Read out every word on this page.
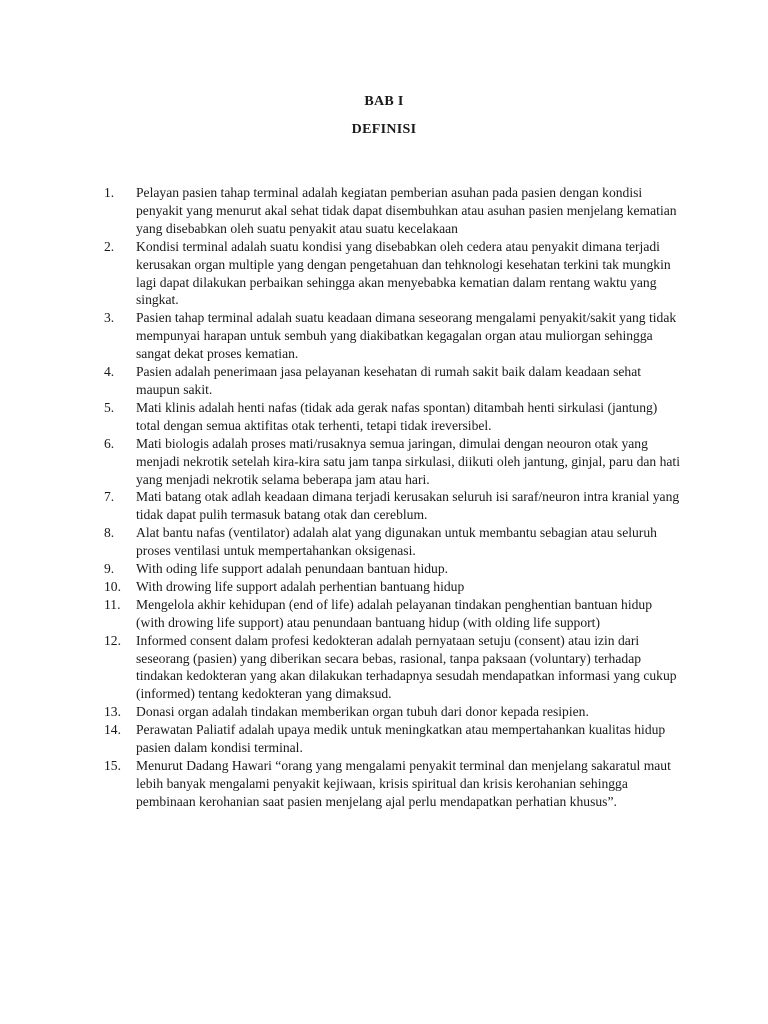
BAB I
DEFINISI
1.	Pelayan pasien tahap terminal adalah kegiatan pemberian asuhan pada pasien dengan kondisi penyakit yang menurut akal sehat tidak dapat disembuhkan atau asuhan pasien menjelang kematian yang disebabkan oleh suatu penyakit atau suatu kecelakaan
2.	Kondisi terminal adalah suatu kondisi yang disebabkan oleh cedera atau penyakit dimana terjadi kerusakan organ multiple yang dengan pengetahuan dan tehknologi kesehatan terkini tak mungkin lagi dapat dilakukan perbaikan sehingga akan menyebabka kematian dalam rentang waktu yang singkat.
3.	Pasien tahap terminal adalah suatu keadaan dimana seseorang mengalami penyakit/sakit yang tidak mempunyai harapan untuk sembuh yang diakibatkan kegagalan organ atau muliorgan sehingga sangat dekat proses kematian.
4.	Pasien adalah penerimaan jasa pelayanan kesehatan di rumah sakit baik dalam keadaan sehat maupun sakit.
5.	Mati klinis adalah henti nafas (tidak ada gerak nafas spontan) ditambah henti sirkulasi (jantung) total dengan semua aktifitas otak terhenti, tetapi tidak ireversibel.
6.	Mati biologis adalah proses mati/rusaknya semua jaringan, dimulai dengan neouron otak yang menjadi nekrotik setelah kira-kira satu jam tanpa sirkulasi, diikuti oleh jantung, ginjal, paru dan hati yang menjadi nekrotik selama beberapa jam atau hari.
7.	Mati batang otak adlah keadaan dimana terjadi kerusakan seluruh isi saraf/neuron intra kranial yang tidak dapat pulih termasuk batang otak dan cereblum.
8.	Alat bantu nafas (ventilator) adalah alat yang digunakan untuk membantu sebagian atau seluruh proses ventilasi untuk mempertahankan oksigenasi.
9.	With oding life support adalah penundaan bantuan hidup.
10.	With drowing life support adalah perhentian bantuang hidup
11.	Mengelola akhir kehidupan (end of life) adalah pelayanan tindakan penghentian bantuan hidup (with drowing life support) atau penundaan bantuang hidup (with olding life support)
12.	Informed consent dalam profesi kedokteran adalah pernyataan setuju (consent) atau izin dari seseorang (pasien) yang diberikan secara bebas, rasional, tanpa paksaan (voluntary) terhadap tindakan kedokteran yang akan dilakukan terhadapnya sesudah mendapatkan informasi yang cukup (informed) tentang kedokteran yang dimaksud.
13.	Donasi organ adalah tindakan memberikan organ tubuh dari donor kepada resipien.
14.	Perawatan Paliatif adalah upaya medik untuk meningkatkan atau mempertahankan kualitas hidup pasien dalam kondisi terminal.
15.	Menurut Dadang Hawari “orang yang mengalami penyakit terminal dan menjelang sakaratul maut lebih banyak mengalami penyakit kejiwaan, krisis spiritual dan krisis kerohanian sehingga pembinaan kerohanian saat pasien menjelang ajal perlu mendapatkan perhatian khusus”.
